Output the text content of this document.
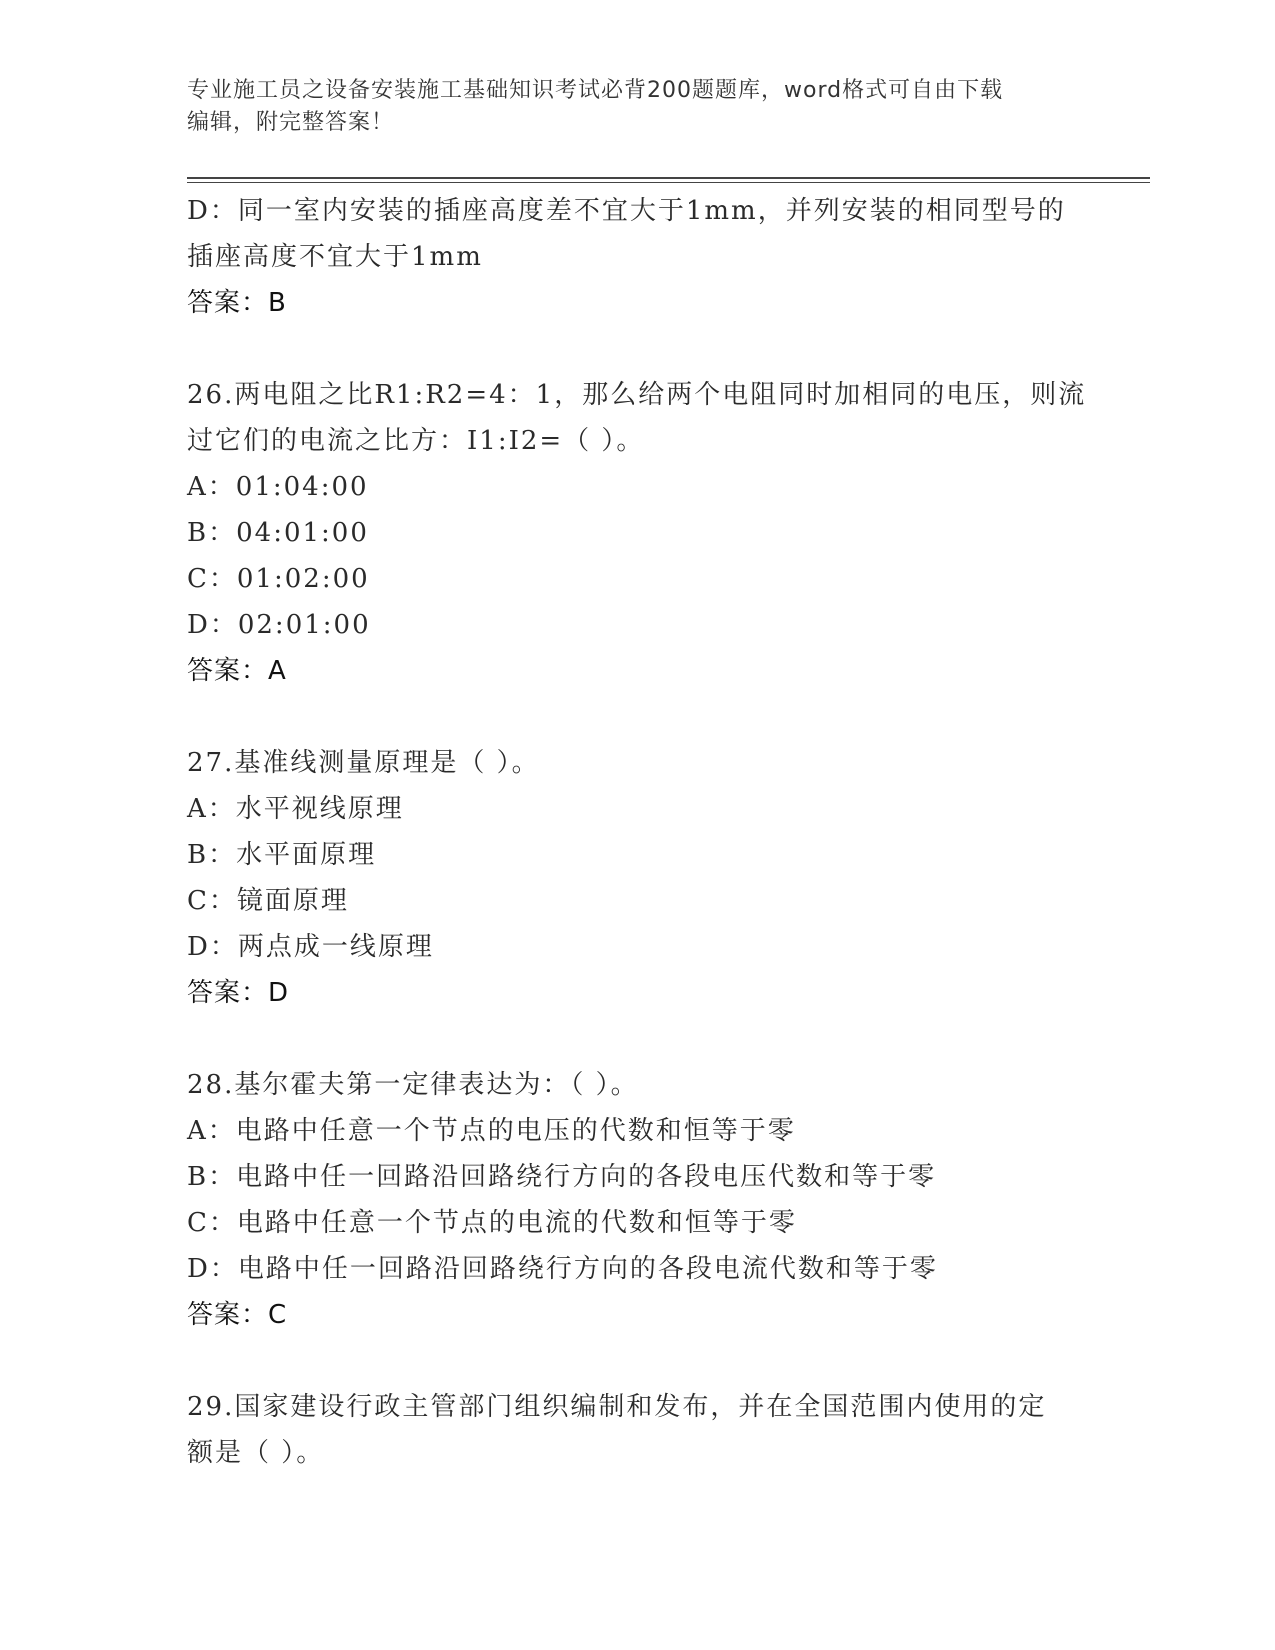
专业施工员之设备安装施工基础知识考试必背200题题库，word格式可自由下载
编辑，附完整答案！
D：同一室内安装的插座高度差不宜大于1mm，并列安装的相同型号的
插座高度不宜大于1mm
答案：B
26.两电阻之比R1:R2=4：1，那么给两个电阻同时加相同的电压，则流
过它们的电流之比方：I1:I2=（ ）。
A：01:04:00
B：04:01:00
C：01:02:00
D：02:01:00
答案：A
27.基准线测量原理是（ ）。
A：水平视线原理
B：水平面原理
C：镜面原理
D：两点成一线原理
答案：D
28.基尔霍夫第一定律表达为：（ ）。
A：电路中任意一个节点的电压的代数和恒等于零
B：电路中任一回路沿回路绕行方向的各段电压代数和等于零
C：电路中任意一个节点的电流的代数和恒等于零
D：电路中任一回路沿回路绕行方向的各段电流代数和等于零
答案：C
29.国家建设行政主管部门组织编制和发布，并在全国范围内使用的定
额是（ ）。
